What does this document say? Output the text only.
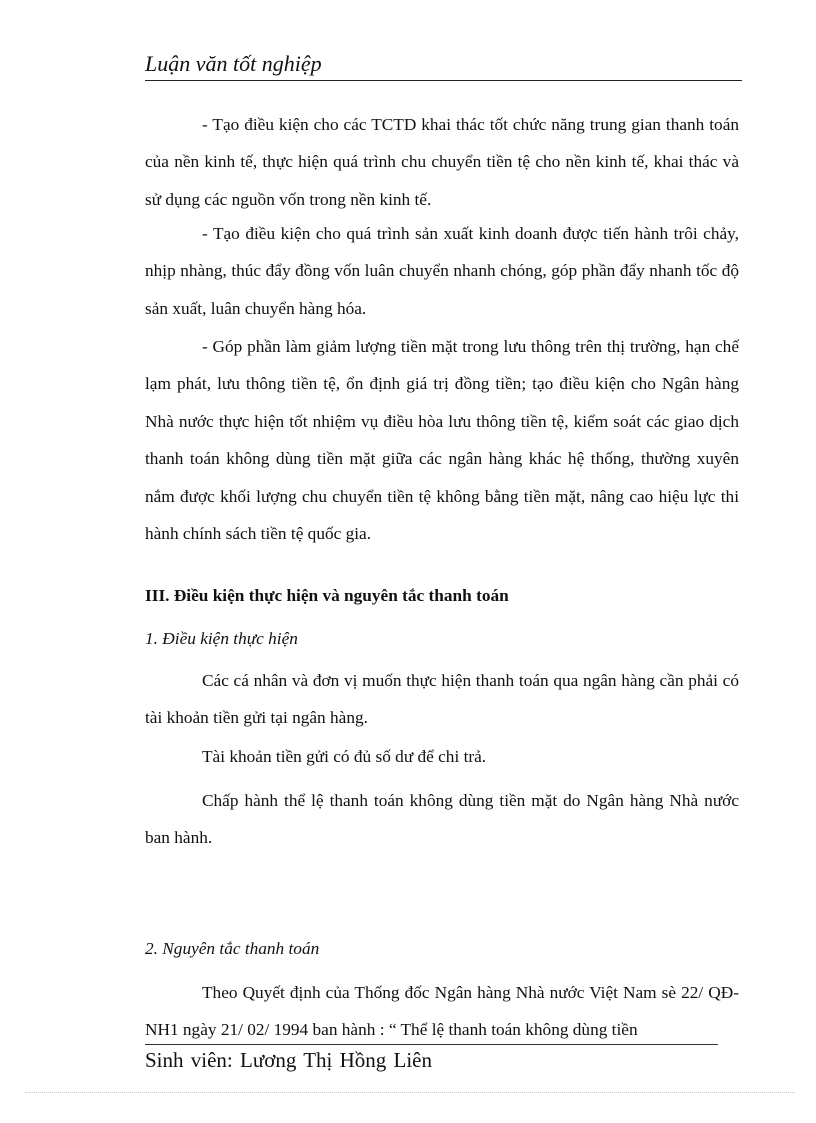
Luận văn tốt nghiệp

- Tạo điều kiện cho các TCTD khai thác tốt chức năng trung gian thanh toán của nền kinh tế, thực hiện quá trình chu chuyển tiền tệ cho nền kinh tế, khai thác và sử dụng các nguồn vốn trong nền kinh tế.

- Tạo điều kiện cho quá trình sản xuất kinh doanh được tiến hành trôi chảy, nhịp nhàng, thúc đẩy đồng vốn luân chuyển nhanh chóng, góp phần đẩy nhanh tốc độ sản xuất, luân chuyển hàng hóa.

- Góp phần làm giảm lượng tiền mặt trong lưu thông trên thị trường, hạn chế lạm phát, lưu thông tiền tệ, ổn định giá trị đồng tiền; tạo điều kiện cho Ngân hàng Nhà nước thực hiện tốt nhiệm vụ điều hòa lưu thông tiền tệ, kiểm soát các giao dịch thanh toán không dùng tiền mặt giữa các ngân hàng khác hệ thống, thường xuyên nắm được khối lượng chu chuyển tiền tệ không bằng tiền mặt, nâng cao hiệu lực thi hành chính sách tiền tệ quốc gia.

III. Điều kiện thực hiện và nguyên tắc thanh toán
1. Điều kiện thực hiện

Các cá nhân và đơn vị muốn thực hiện thanh toán qua ngân hàng cần phải có tài khoản tiền gửi tại ngân hàng.

Tài khoản tiền gửi có đủ số dư để chi trả.

Chấp hành thể lệ thanh toán không dùng tiền mặt do Ngân hàng Nhà nước ban hành.

2. Nguyên tắc thanh toán

Theo Quyết định của Thống đốc Ngân hàng Nhà nước Việt Nam sè 22/ QĐ-NH1 ngày 21/ 02/ 1994 ban hành : “ Thể lệ thanh toán không dùng tiền

Sinh viên: Lương Thị Hồng Liên
